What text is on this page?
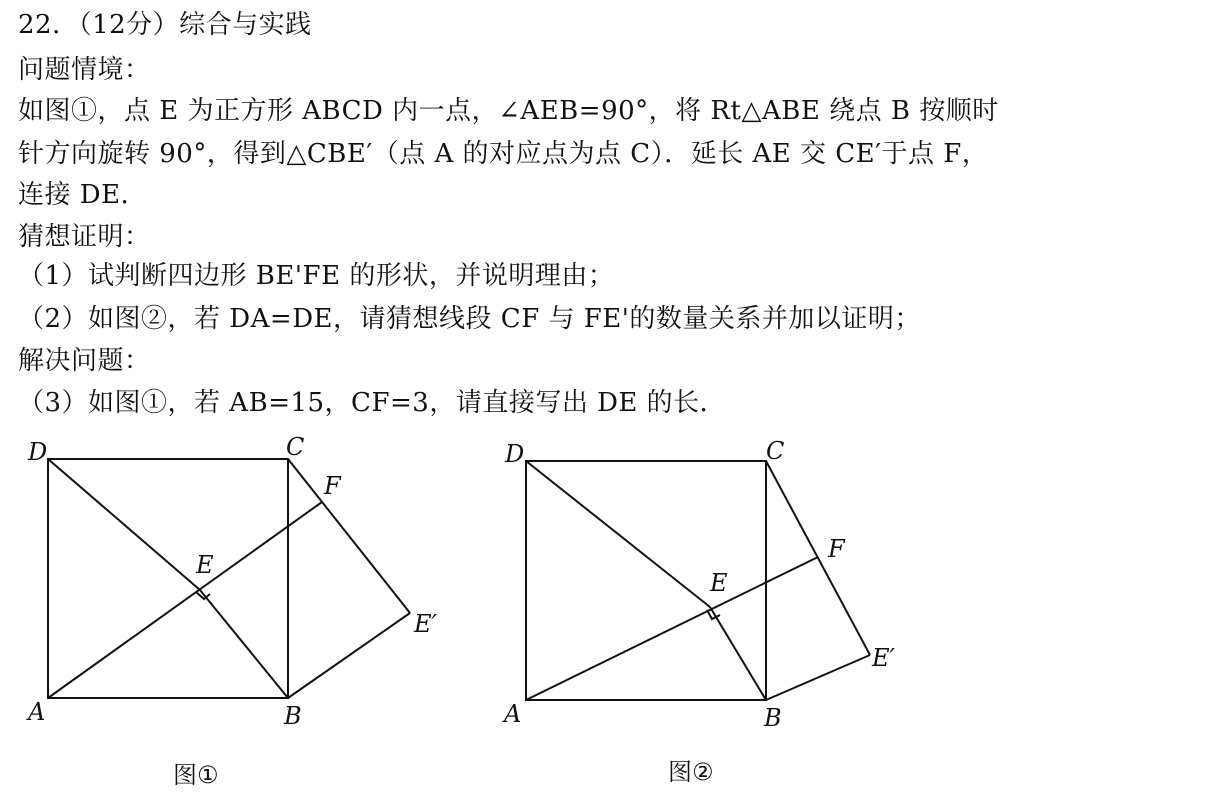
22．（12分）综合与实践
问题情境：
如图①，点 E 为正方形 ABCD 内一点，∠AEB=90°，将 Rt△ABE 绕点 B 按顺时
针方向旋转 90°，得到△CBE′（点 A 的对应点为点 C）．延长 AE 交 CE′于点 F，
连接 DE．
猜想证明：
（1）试判断四边形 BE'FE 的形状，并说明理由；
（2）如图②，若 DA=DE，请猜想线段 CF 与 FE'的数量关系并加以证明；
解决问题：
（3）如图①，若 AB=15，CF=3，请直接写出 DE 的长．
D	C
F
E
E′
A	B
D	C
F
E
E′
A	B
图①	图②
